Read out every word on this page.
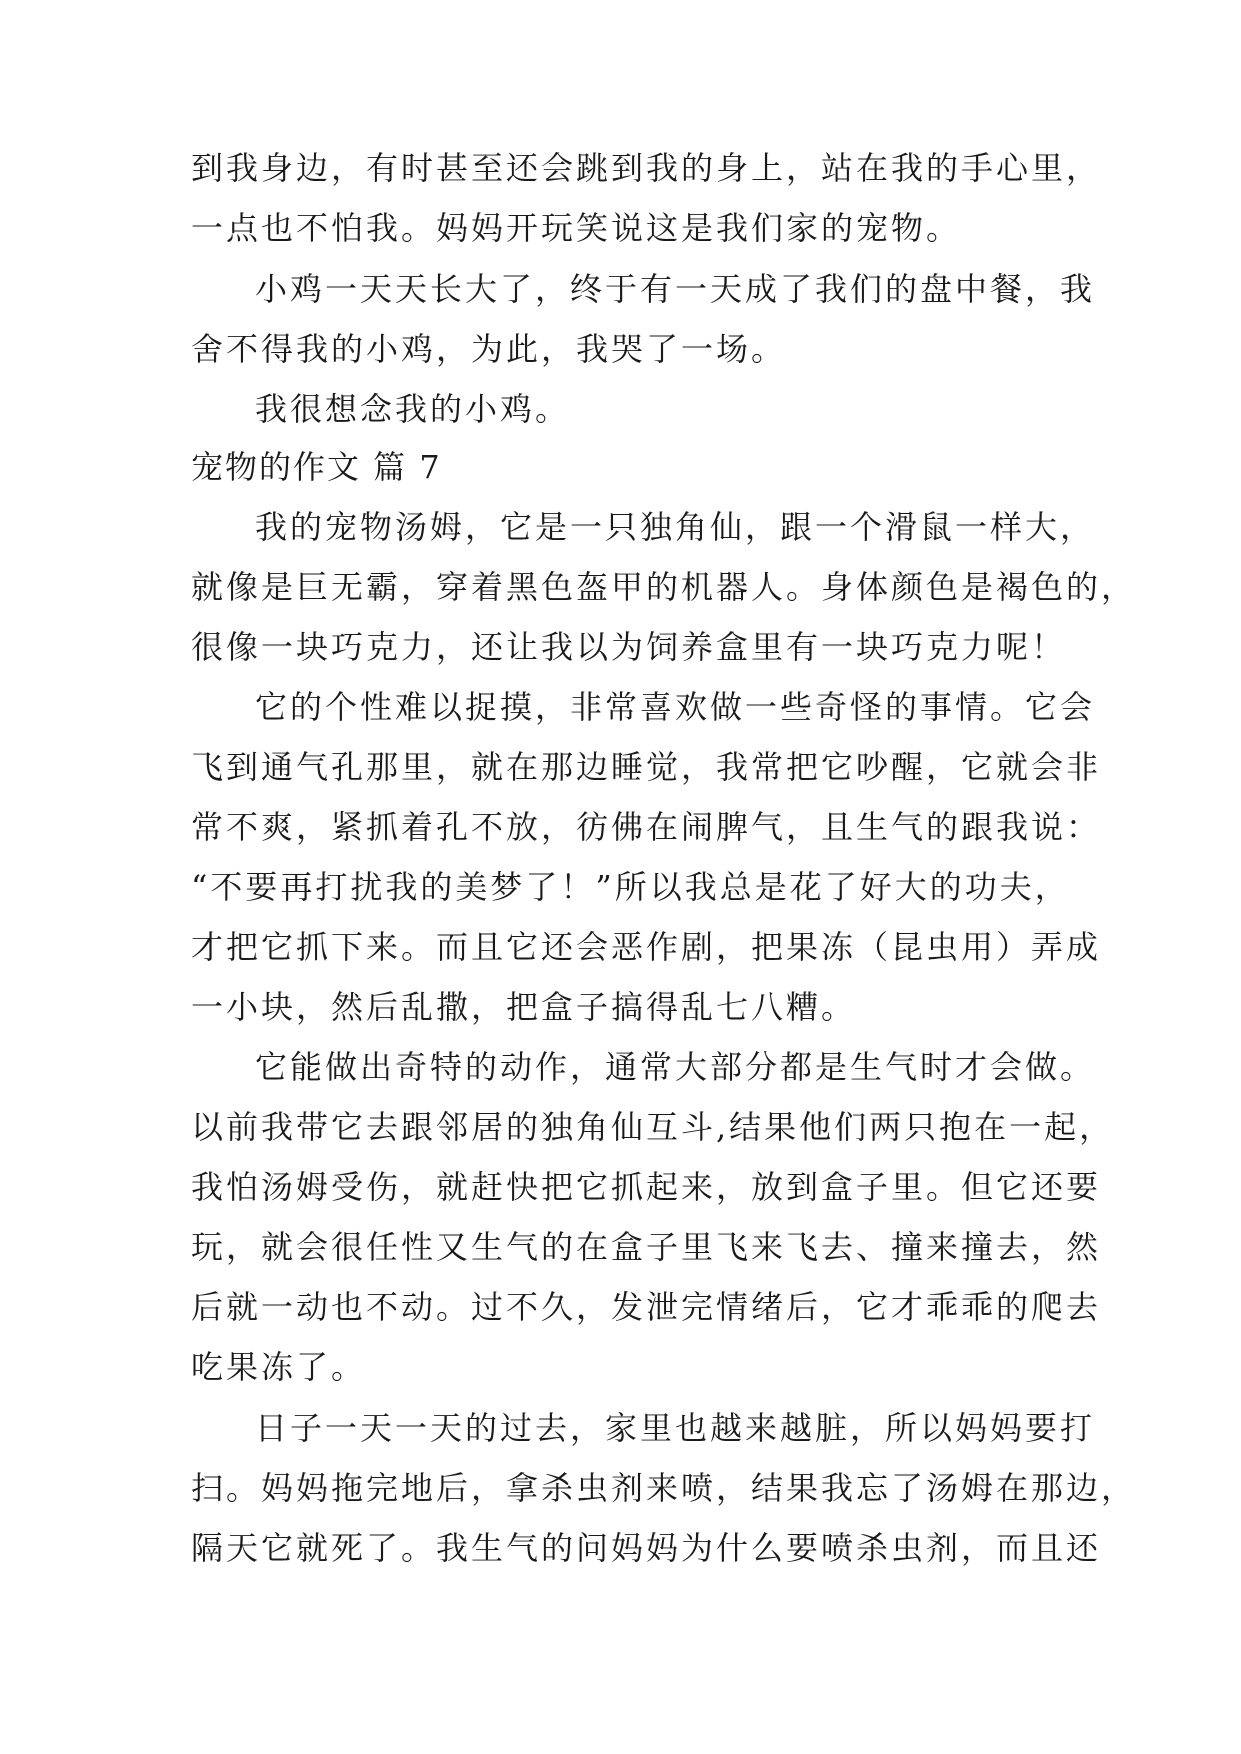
到我身边，有时甚至还会跳到我的身上，站在我的手心里，
一点也不怕我。妈妈开玩笑说这是我们家的宠物。
小鸡一天天长大了，终于有一天成了我们的盘中餐，我
舍不得我的小鸡，为此，我哭了一场。
我很想念我的小鸡。
宠物的作文 篇 7
我的宠物汤姆，它是一只独角仙，跟一个滑鼠一样大，
就像是巨无霸，穿着黑色盔甲的机器人。身体颜色是褐色的，
很像一块巧克力，还让我以为饲养盒里有一块巧克力呢！
它的个性难以捉摸，非常喜欢做一些奇怪的事情。它会
飞到通气孔那里，就在那边睡觉，我常把它吵醒，它就会非
常不爽，紧抓着孔不放，彷佛在闹脾气，且生气的跟我说：
“不要再打扰我的美梦了！”所以我总是花了好大的功夫，
才把它抓下来。而且它还会恶作剧，把果冻（昆虫用）弄成
一小块，然后乱撒，把盒子搞得乱七八糟。
它能做出奇特的动作，通常大部分都是生气时才会做。
以前我带它去跟邻居的独角仙互斗,结果他们两只抱在一起，
我怕汤姆受伤，就赶快把它抓起来，放到盒子里。但它还要
玩，就会很任性又生气的在盒子里飞来飞去、撞来撞去，然
后就一动也不动。过不久，发泄完情绪后，它才乖乖的爬去
吃果冻了。
日子一天一天的过去，家里也越来越脏，所以妈妈要打
扫。妈妈拖完地后，拿杀虫剂来喷，结果我忘了汤姆在那边，
隔天它就死了。我生气的问妈妈为什么要喷杀虫剂，而且还
